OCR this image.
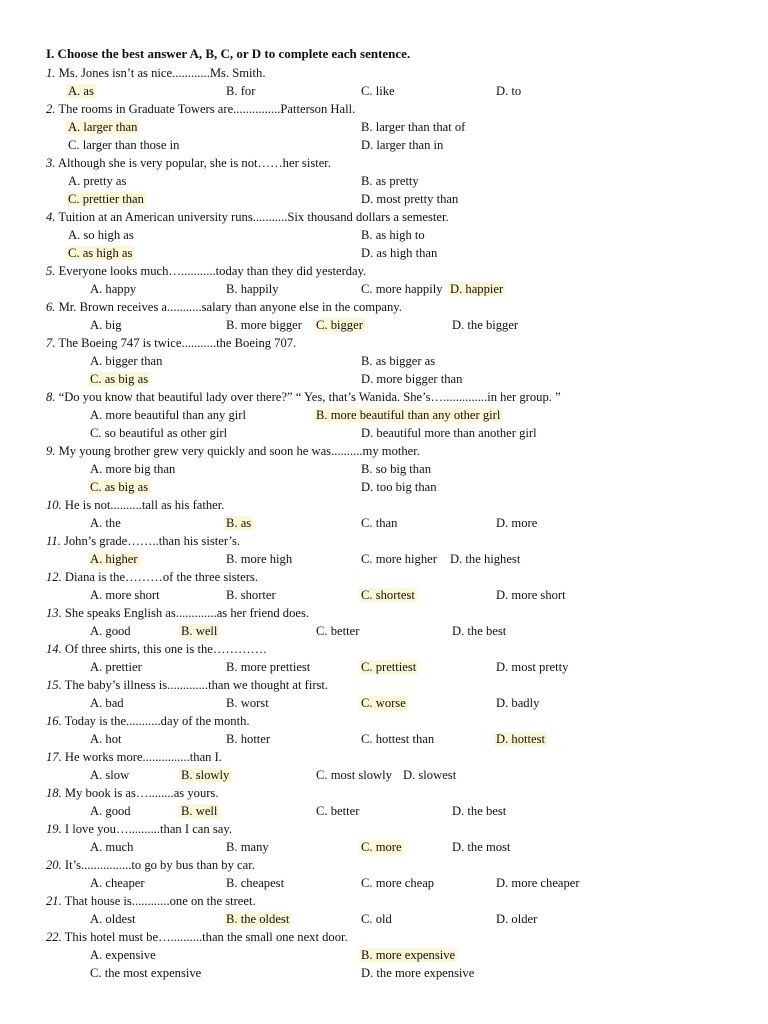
I. Choose the best answer A, B, C, or D to complete each sentence.
1. Ms. Jones isn’t as nice............Ms. Smith.
A. as	B. for	C. like	D. to
2. The rooms in Graduate Towers are...............Patterson Hall.
A. larger than	B. larger than that of
C. larger than those in	D. larger than in
3. Although she is very popular, she is not……her sister.
A. pretty as	B. as pretty
C. prettier than	D. most pretty than
4. Tuition at an American university runs...........Six thousand dollars a semester.
A. so high as	B. as high to
C. as high as	D. as high than
5. Everyone looks much…...........today than they did yesterday.
A. happy	B. happily	C. more happily D. happier
6. Mr. Brown receives a...........salary than anyone else in the company.
A. big	B. more bigger C. bigger	D. the bigger
7. The Boeing 747 is twice...........the Boeing 707.
A. bigger than	B. as bigger as
C. as big as	D. more bigger than
8. “Do you know that beautiful lady over there?” “ Yes, that’s Wanida. She’s…..............in her group. ”
A. more beautiful than any girl	B. more beautiful than any other girl
C. so beautiful as other girl	D. beautiful more than another girl
9. My young brother grew very quickly and soon he was..........my mother.
A. more big than	B. so big than
C. as big as	D. too big than
10. He is not..........tall as his father.
A. the	B. as	C. than	D. more
11. John’s grade……..than his sister’s.
A. higher	B. more high	C. more higher D. the highest
12. Diana is the………of the three sisters.
A. more short	B. shorter	C. shortest	D. more short
13. She speaks English as.............as her friend does.
A. good	B. well	C. better	D. the best
14. Of three shirts, this one is the………….
A. prettier	B. more prettiest	C. prettiest	D. most pretty
15. The baby’s illness is.............than we thought at first.
A. bad	B. worst	C. worse	D. badly
16. Today is the...........day of the month.
A. hot	B. hotter	C. hottest than	D. hottest
17. He works more...............than I.
A. slow	B. slowly	C. most slowly D. slowest
18. My book is as…........as yours.
A. good	B. well	C. better	D. the best
19. I love you…..........than I can say.
A. much	B. many	C. more	D. the most
20. It’s................to go by bus than by car.
A. cheaper	B. cheapest	C. more cheap	D. more cheaper
21. That house is............one on the street.
A. oldest	B. the oldest	C. old	D. older
22. This hotel must be…..........than the small one next door.
A. expensive	B. more expensive
C. the most expensive	D. the more expensive
